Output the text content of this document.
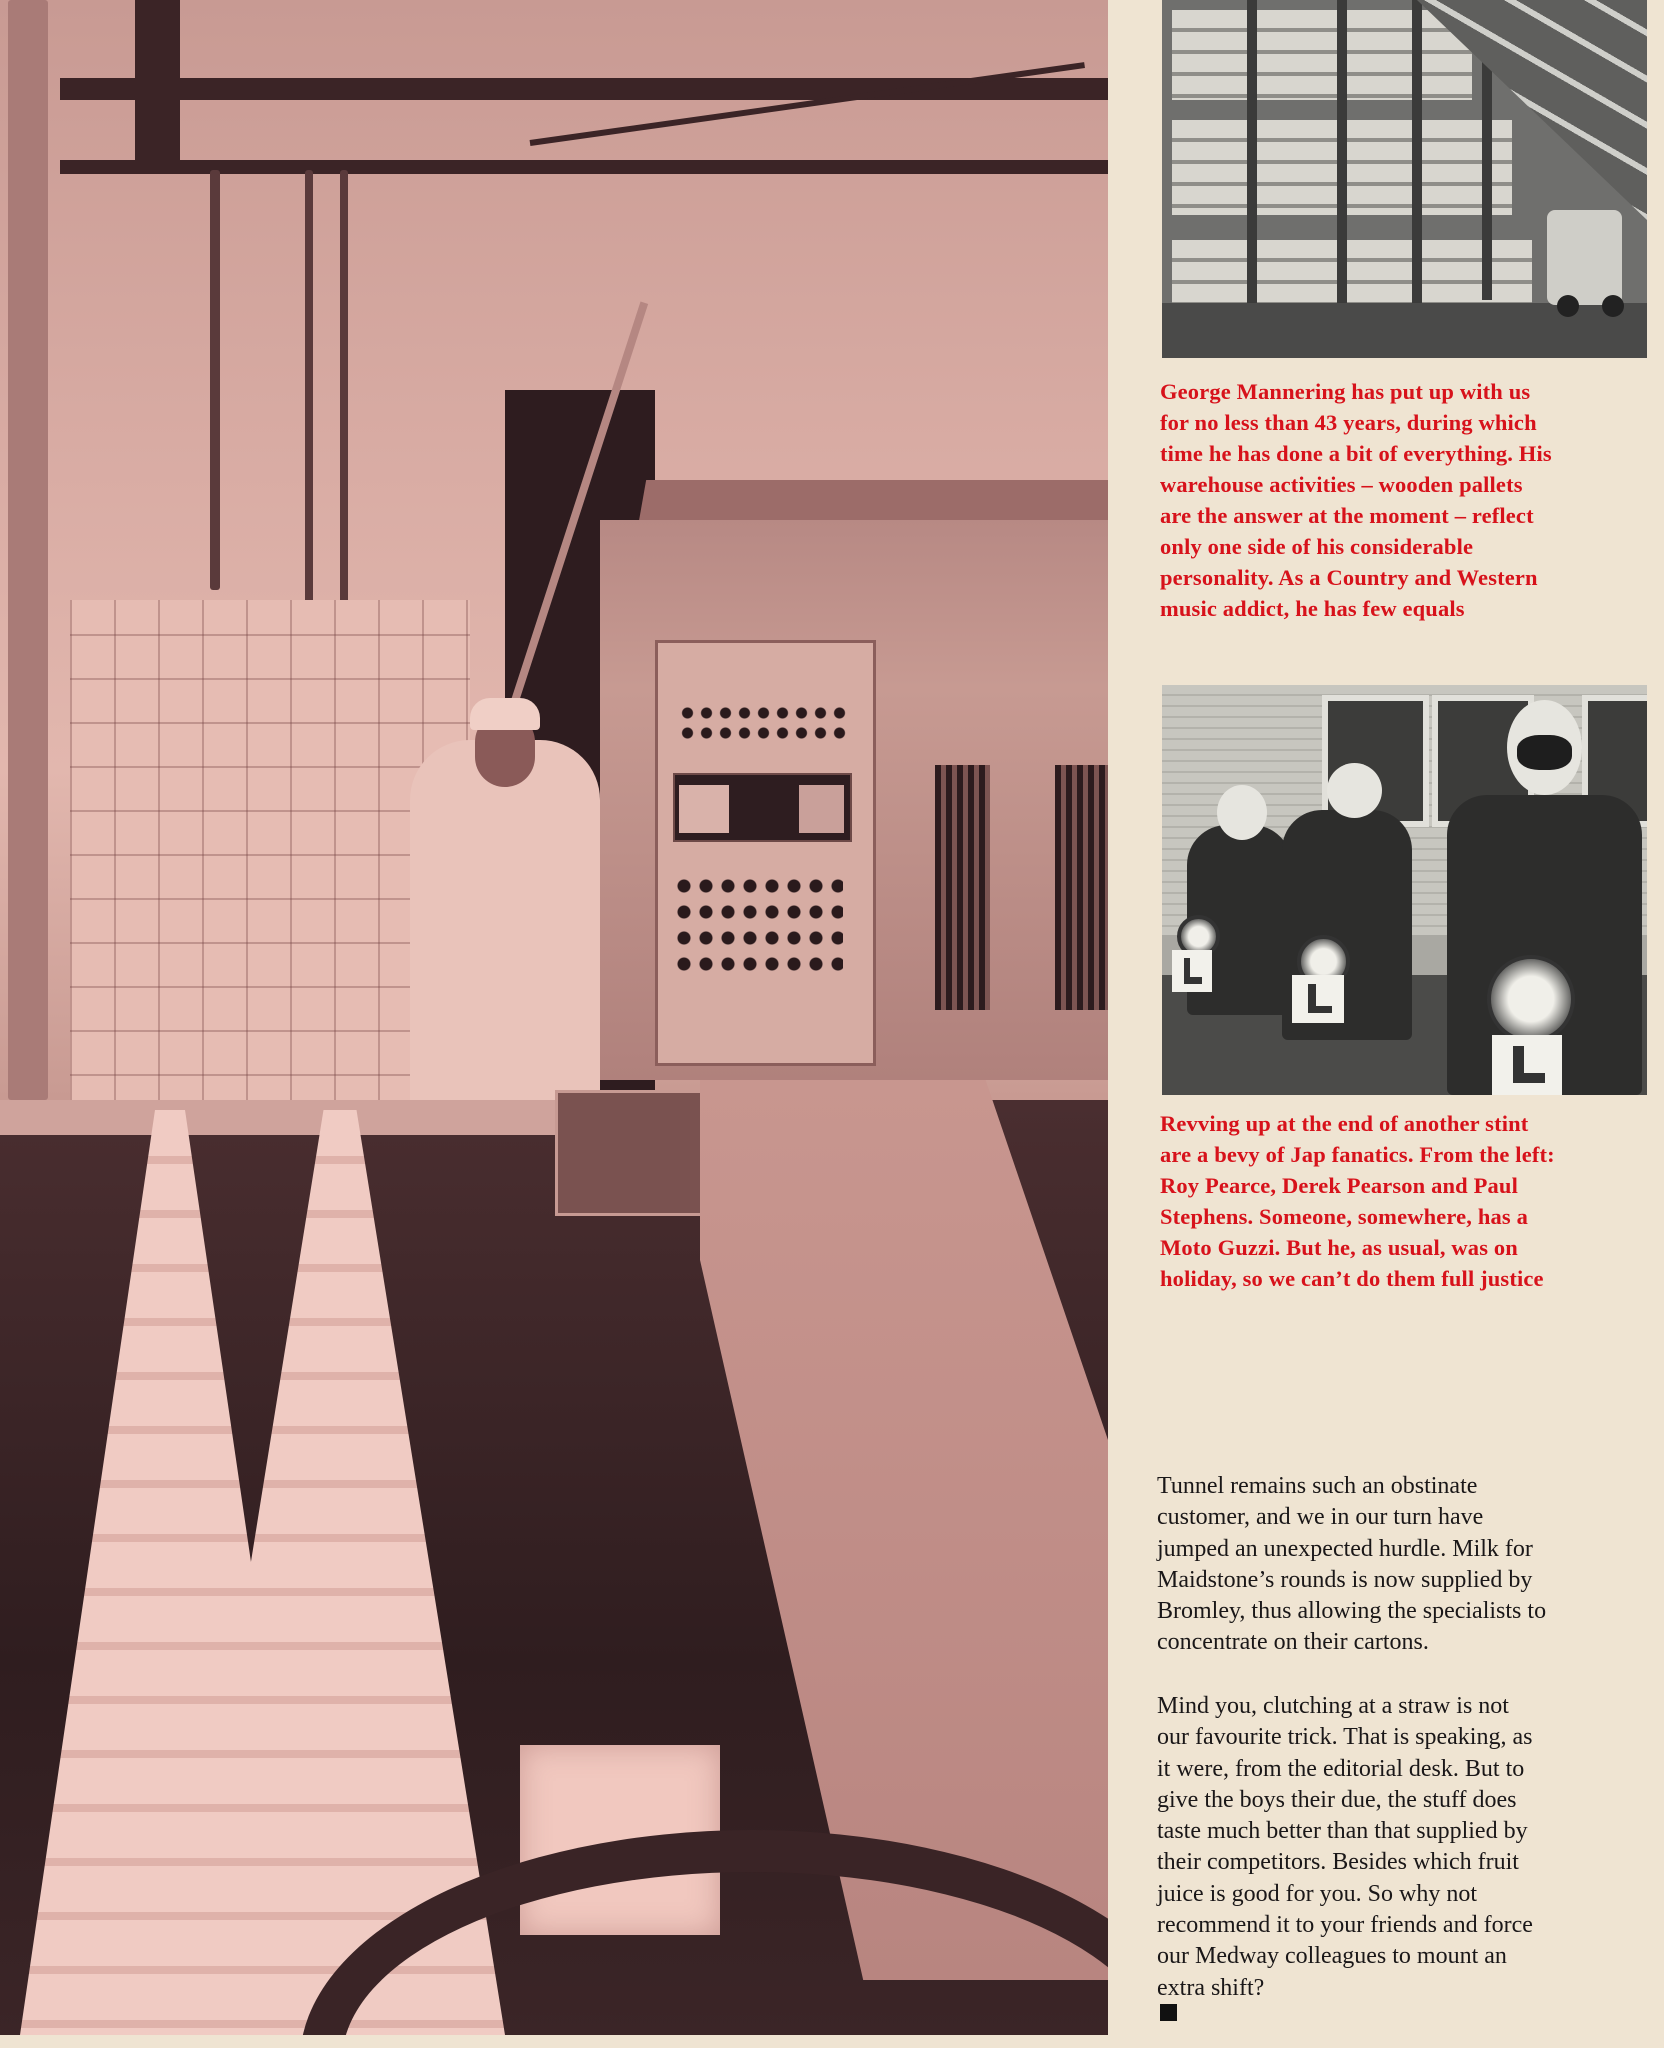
George Mannering has put up with us
for no less than 43 years, during which
time he has done a bit of everything. His
warehouse activities – wooden pallets
are the answer at the moment – reflect
only one side of his considerable
personality. As a Country and Western
music addict, he has few equals
Revving up at the end of another stint
are a bevy of Jap fanatics. From the left:
Roy Pearce, Derek Pearson and Paul
Stephens. Someone, somewhere, has a
Moto Guzzi. But he, as usual, was on
holiday, so we can’t do them full justice
Tunnel remains such an obstinate
customer, and we in our turn have
jumped an unexpected hurdle. Milk for
Maidstone’s rounds is now supplied by
Bromley, thus allowing the specialists to
concentrate on their cartons.
Mind you, clutching at a straw is not
our favourite trick. That is speaking, as
it were, from the editorial desk. But to
give the boys their due, the stuff does
taste much better than that supplied by
their competitors. Besides which fruit
juice is good for you. So why not
recommend it to your friends and force
our Medway colleagues to mount an
extra shift?
